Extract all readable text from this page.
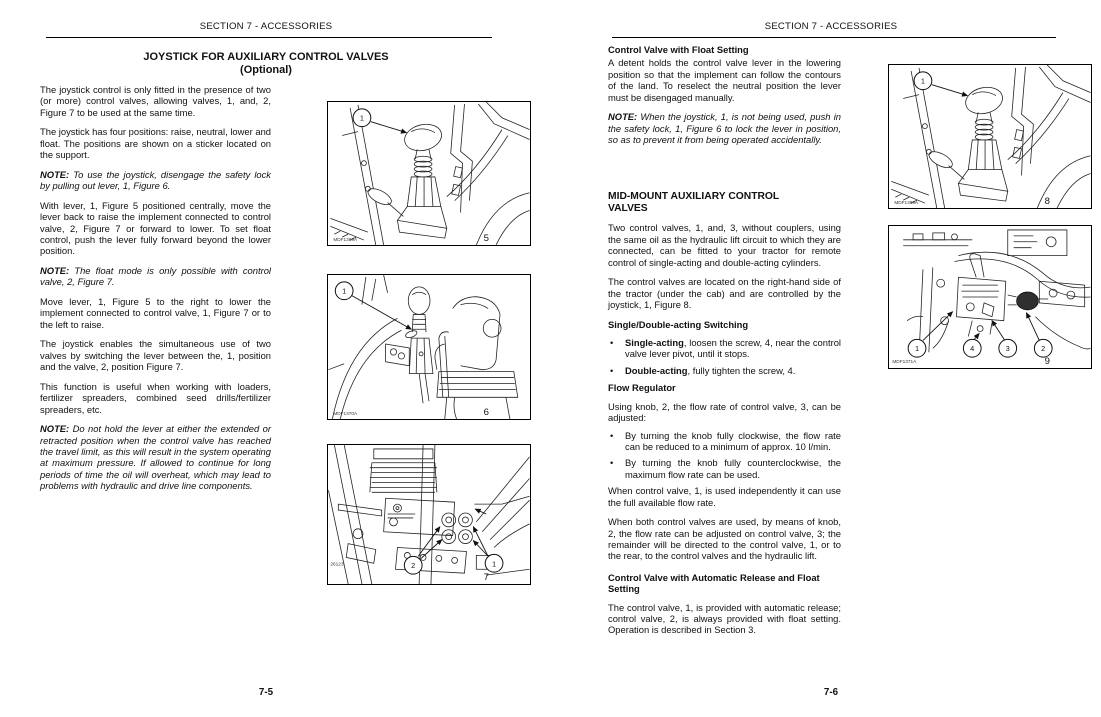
SECTION 7 - ACCESSORIES
JOYSTICK FOR AUXILIARY CONTROL VALVES
(Optional)

The joystick control is only fitted in the presence of two (or more) control valves, allowing valves, 1, and, 2, Figure 7 to be used at the same time.

The joystick has four positions: raise, neutral, lower and float. The positions are shown on a sticker located on the support.

NOTE: To use the joystick, disengage the safety lock by pulling out lever, 1, Figure 6.

With lever, 1, Figure 5 positioned centrally, move the lever back to raise the implement connected to control valve, 2, Figure 7 or forward to lower. To set float control, push the lever fully forward beyond the lower position.

NOTE: The float mode is only possible with control valve, 2, Figure 7.

Move lever, 1, Figure 5 to the right to lower the implement connected to control valve, 1, Figure 7 or to the left to raise.

The joystick enables the simultaneous use of two valves by switching the lever between the, 1, position and the valve, 2, position Figure 7.

This function is useful when working with loaders, fertilizer spreaders, combined seed drills/fertilizer spreaders, etc.

NOTE: Do not hold the lever at either the extended or retracted position when the control valve has reached the travel limit, as this will result in the system operating at maximum pressure. If allowed to continue for long periods of time the oil will overheat, which may lead to problems with hydraulic and drive line components.

1
MDF1369A	5
1
MDF1370A	6
2	1
26123
7
7-5
SECTION 7 - ACCESSORIES
Control Valve with Float Setting

A detent holds the control valve lever in the lowering position so that the implement can follow the contours of the land. To reselect the neutral position the lever must be disengaged manually.

NOTE: When the joystick, 1, is not being used, push in the safety lock, 1, Figure 6 to lock the lever in position, so as to prevent it from being operated accidentally.

MID-MOUNT AUXILIARY CONTROL VALVES

Two control valves, 1, and, 3, without couplers, using the same oil as the hydraulic lift circuit to which they are connected, can be fitted to your tractor for remote control of single-acting and double-acting cylinders.

The control valves are located on the right-hand side of the tractor (under the cab) and are controlled by the joystick, 1, Figure 8.

Single/Double-acting Switching
• Single-acting, loosen the screw, 4, near the control valve lever pivot, until it stops.
• Double-acting, fully tighten the screw, 4.
Flow Regulator

Using knob, 2, the flow rate of control valve, 3, can be adjusted:

• By turning the knob fully clockwise, the flow rate can be reduced to a minimum of approx. 10 l/min.
• By turning the knob fully counterclockwise, the maximum flow rate can be used.

When control valve, 1, is used independently it can use the full available flow rate.

When both control valves are used, by means of knob, 2, the flow rate can be adjusted on control valve, 3; the remainder will be directed to the control valve, 1, or to the rear, to the control valves and the hydraulic lift.

Control Valve with Automatic Release and Float Setting

The control valve, 1, is provided with automatic release; control valve, 2, is always provided with float setting. Operation is described in Section 3.

1
MDF1369A	8
1	4	3	2
MDF1371A	9
7-6
